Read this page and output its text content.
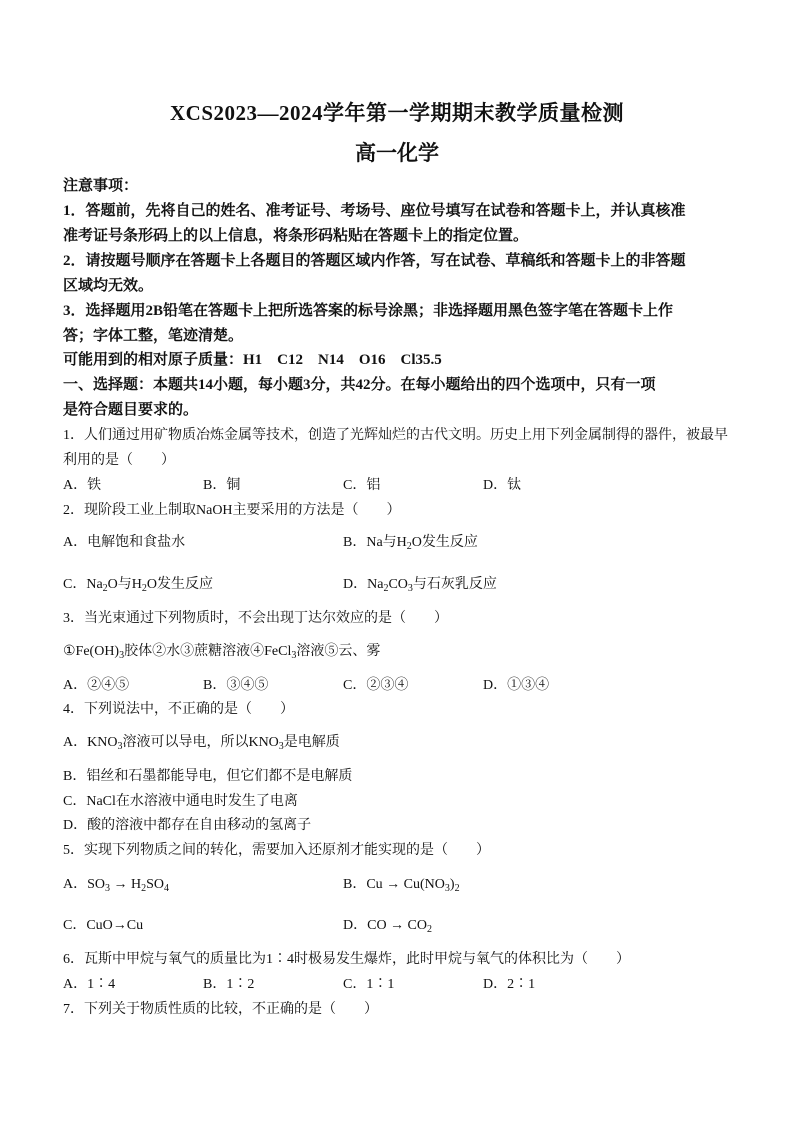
XCS2023—2024学年第一学期期末教学质量检测
高一化学
注意事项：
1．答题前，先将自己的姓名、准考证号、考场号、座位号填写在试卷和答题卡上，并认真核准
准考证号条形码上的以上信息，将条形码粘贴在答题卡上的指定位置。
2．请按题号顺序在答题卡上各题目的答题区域内作答，写在试卷、草稿纸和答题卡上的非答题
区域均无效。
3．选择题用2B铅笔在答题卡上把所选答案的标号涂黑；非选择题用黑色签字笔在答题卡上作
答；字体工整，笔迹清楚。
可能用到的相对原子质量：H1　C12　N14　O16　Cl35.5
一、选择题：本题共14小题，每小题3分，共42分。在每小题给出的四个选项中，只有一项
是符合题目要求的。
1．人们通过用矿物质冶炼金属等技术，创造了光辉灿烂的古代文明。历史上用下列金属制得的器件，被最早
利用的是（　　）
A．铁	B．铜	C．铝	D．钛
2．现阶段工业上制取NaOH主要采用的方法是（　　）
A．电解饱和食盐水	B．Na与$H_2O$发生反应
C．$Na_2O$与$H_2O$发生反应	D．$Na_2CO_3$与石灰乳反应
3．当光束通过下列物质时，不会出现丁达尔效应的是（　　）
$①Fe(OH)_3$胶体②水③蔗糖溶液④FeCl$_3$溶液⑤云、雾
A．②④⑤	B．③④⑤	C．②③④	D．①③④
4．下列说法中，不正确的是（　　）
A．$KNO_3$溶液可以导电，所以$KNO_3$是电解质
B．铝丝和石墨都能导电，但它们都不是电解质
C．NaCl在水溶液中通电时发生了电离
D．酸的溶液中都存在自由移动的氢离子
5．实现下列物质之间的转化，需要加入还原剂才能实现的是（　　）
A．$SO_3 \to H_2SO_4$	B．$Cu \to Cu(NO_3)_2$
C．CuO→Cu	D．CO → $CO_2$
6．瓦斯中甲烷与氧气的质量比为1∶4时极易发生爆炸，此时甲烷与氧气的体积比为（　　）
A．1∶4	B．1∶2	C．1∶1	D．2∶1
7．下列关于物质性质的比较，不正确的是（　　）
